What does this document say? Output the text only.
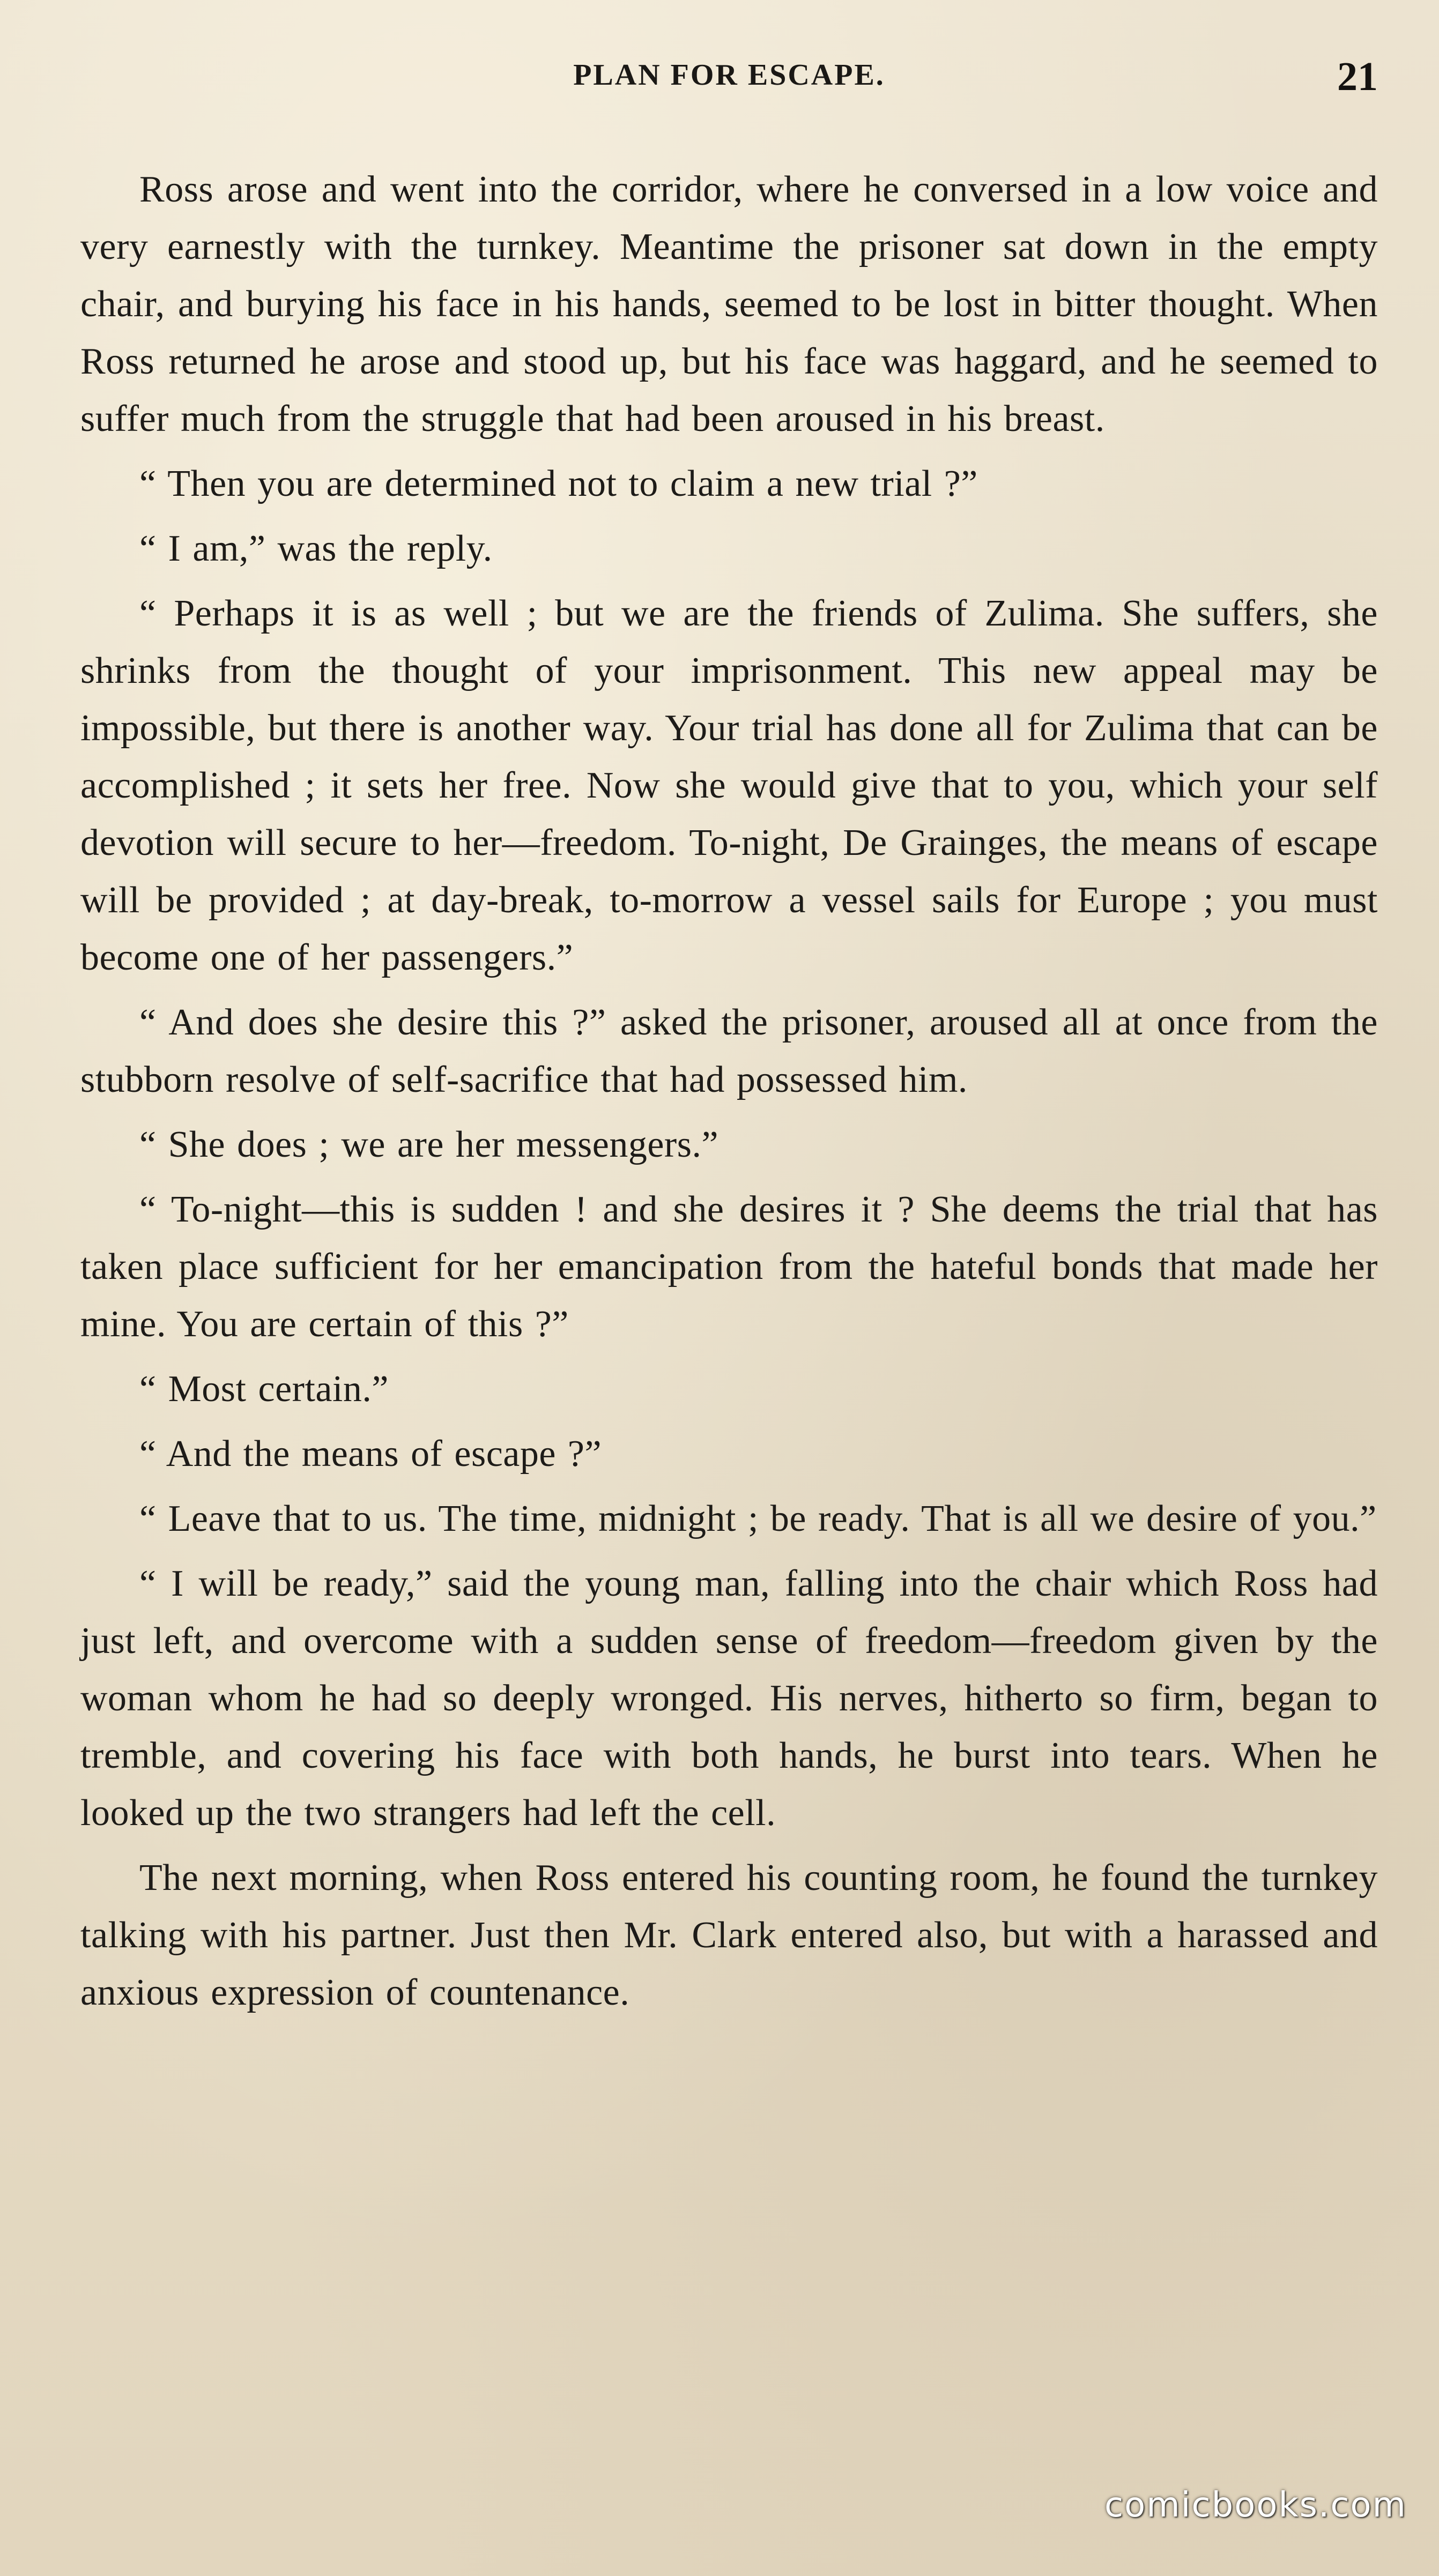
PLAN FOR ESCAPE.	21

Ross arose and went into the corridor, where he conversed in a low voice and very earnestly with the turnkey. Meantime the prisoner sat down in the empty chair, and burying his face in his hands, seemed to be lost in bitter thought. When Ross returned he arose and stood up, but his face was haggard, and he seemed to suffer much from the struggle that had been aroused in his breast.

“ Then you are determined not to claim a new trial ?”

“ I am,” was the reply.

“ Perhaps it is as well ; but we are the friends of Zulima. She suffers, she shrinks from the thought of your imprisonment. This new appeal may be impossible, but there is another way. Your trial has done all for Zulima that can be accomplished ; it sets her free. Now she would give that to you, which your self devotion will secure to her—freedom. To-night, De Grainges, the means of escape will be provided ; at day-break, to-morrow a vessel sails for Europe ; you must become one of her passengers.”

“ And does she desire this ?” asked the prisoner, aroused all at once from the stubborn resolve of self-sacrifice that had possessed him.

“ She does ; we are her messengers.”

“ To-night—this is sudden ! and she desires it ? She deems the trial that has taken place sufficient for her emancipation from the hateful bonds that made her mine. You are certain of this ?”

“ Most certain.”

“ And the means of escape ?”

“ Leave that to us. The time, midnight ; be ready. That is all we desire of you.”

“ I will be ready,” said the young man, falling into the chair which Ross had just left, and overcome with a sudden sense of freedom—freedom given by the woman whom he had so deeply wronged. His nerves, hitherto so firm, began to tremble, and covering his face with both hands, he burst into tears. When he looked up the two strangers had left the cell.

The next morning, when Ross entered his counting room, he found the turnkey talking with his partner. Just then Mr. Clark entered also, but with a harassed and anxious expression of countenance.

comicbooks.com
